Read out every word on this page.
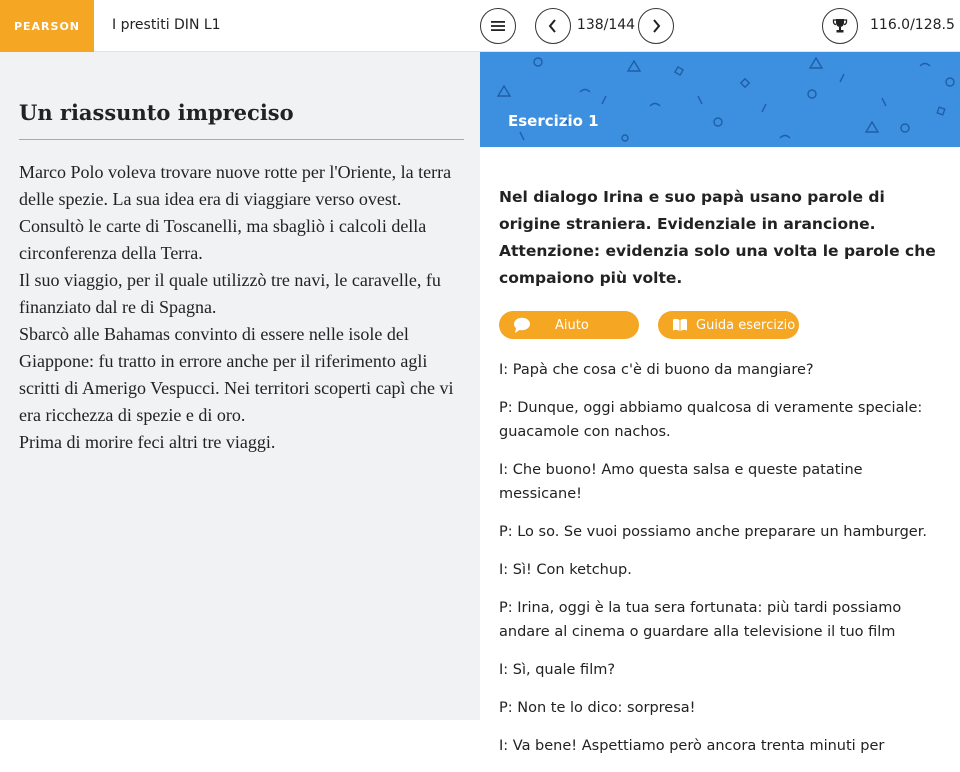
PEARSON	I prestiti DIN L1	138/144	116.0/128.5
Un riassunto impreciso

Marco Polo voleva trovare nuove rotte per l'Oriente, la terra delle spezie. La sua idea era di viaggiare verso ovest. Consultò le carte di Toscanelli, ma sbagliò i calcoli della circonferenza della Terra.

Il suo viaggio, per il quale utilizzò tre navi, le caravelle, fu finanziato dal re di Spagna.

Sbarcò alle Bahamas convinto di essere nelle isole del Giappone: fu tratto in errore anche per il riferimento agli scritti di Amerigo Vespucci. Nei territori scoperti capì che vi era ricchezza di spezie e di oro.

Prima di morire feci altri tre viaggi.

Esercizio 1
Nel dialogo Irina e suo papà usano parole di origine straniera. Evidenziale in arancione. Attenzione: evidenzia solo una volta le parole che compaiono più volte.
Aiuto	Guida esercizio
I: Papà che cosa c'è di buono da mangiare?
P: Dunque, oggi abbiamo qualcosa di veramente speciale: guacamole con nachos.
I: Che buono! Amo questa salsa e queste patatine messicane!
P: Lo so. Se vuoi possiamo anche preparare un hamburger.
I: Sì! Con ketchup.
P: Irina, oggi è la tua sera fortunata: più tardi possiamo andare al cinema o guardare alla televisione il tuo film
I: Sì, quale film?
P: Non te lo dico: sorpresa!
I: Va bene! Aspettiamo però ancora trenta minuti per
